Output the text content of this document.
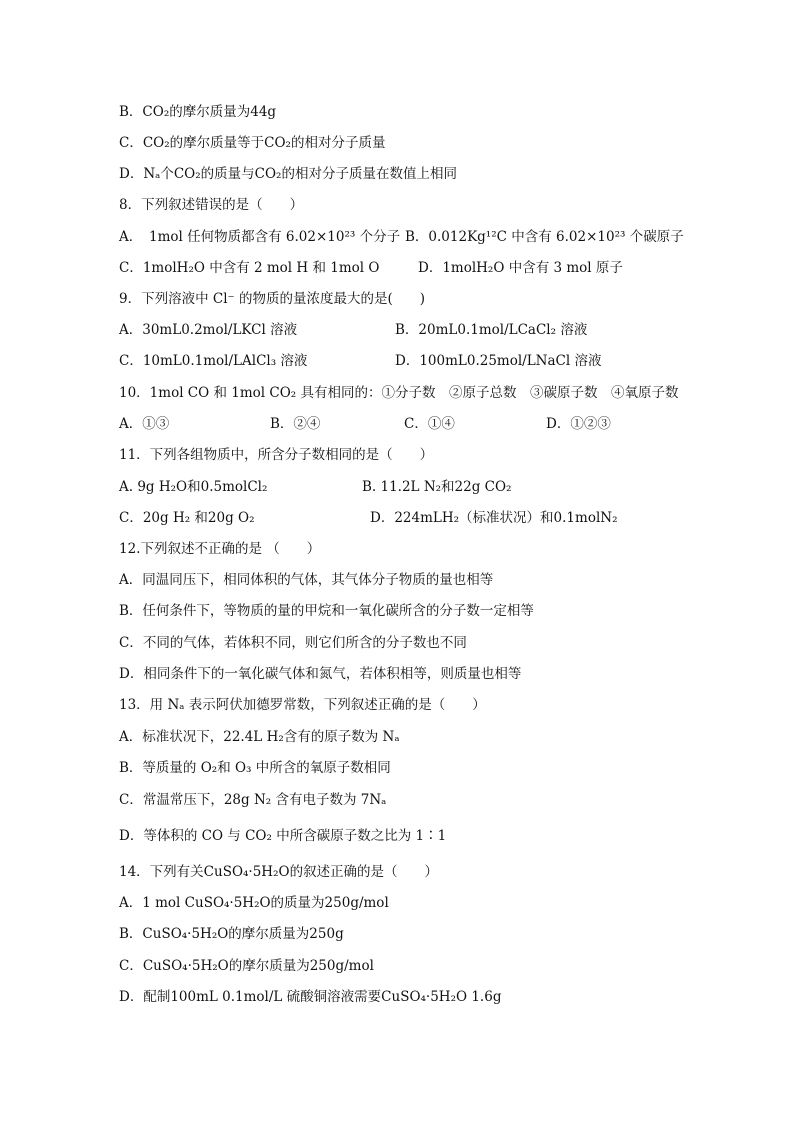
B．CO₂的摩尔质量为44g
C．CO₂的摩尔质量等于CO₂的相对分子质量
D．Nₐ个CO₂的质量与CO₂的相对分子质量在数值上相同
8．下列叙述错误的是（　　）
A．　1mol 任何物质都含有 6.02×10²³ 个分子 B．0.012Kg¹²C 中含有 6.02×10²³ 个碳原子
C．1molH₂O 中含有 2 mol H 和 1mol O	D．1molH₂O 中含有 3 mol 原子
9．下列溶液中 Cl⁻ 的物质的量浓度最大的是(　　)
A．30mL0.2mol/LKCl 溶液	B．20mL0.1mol/LCaCl₂ 溶液
C．10mL0.1mol/LAlCl₃ 溶液	D．100mL0.25mol/LNaCl 溶液
10．1mol CO 和 1mol CO₂ 具有相同的：①分子数　②原子总数　③碳原子数　④氧原子数
A．①③	B．②④	C．①④	D．①②③
11．下列各组物质中，所含分子数相同的是（　　）
A. 9g H₂O和0.5molCl₂	B. 11.2L N₂和22g CO₂
C．20g H₂ 和20g O₂	D．224mLH₂（标准状况）和0.1molN₂
12.下列叙述不正确的是 （　　）
A．同温同压下，相同体积的气体，其气体分子物质的量也相等
B．任何条件下，等物质的量的甲烷和一氧化碳所含的分子数一定相等
C．不同的气体，若体积不同，则它们所含的分子数也不同
D．相同条件下的一氧化碳气体和氮气，若体积相等，则质量也相等
13．用 Nₐ 表示阿伏加德罗常数，下列叙述正确的是（　　）
A．标准状况下，22.4L H₂含有的原子数为 Nₐ
B．等质量的 O₂和 O₃ 中所含的氧原子数相同
C．常温常压下，28g N₂ 含有电子数为 7Nₐ
D．等体积的 CO 与 CO₂ 中所含碳原子数之比为 1∶1
14．下列有关CuSO₄·5H₂O的叙述正确的是（　　）
A．1 mol CuSO₄·5H₂O的质量为250g/mol
B．CuSO₄·5H₂O的摩尔质量为250g
C．CuSO₄·5H₂O的摩尔质量为250g/mol
D．配制100mL 0.1mol/L 硫酸铜溶液需要CuSO₄·5H₂O 1.6g
